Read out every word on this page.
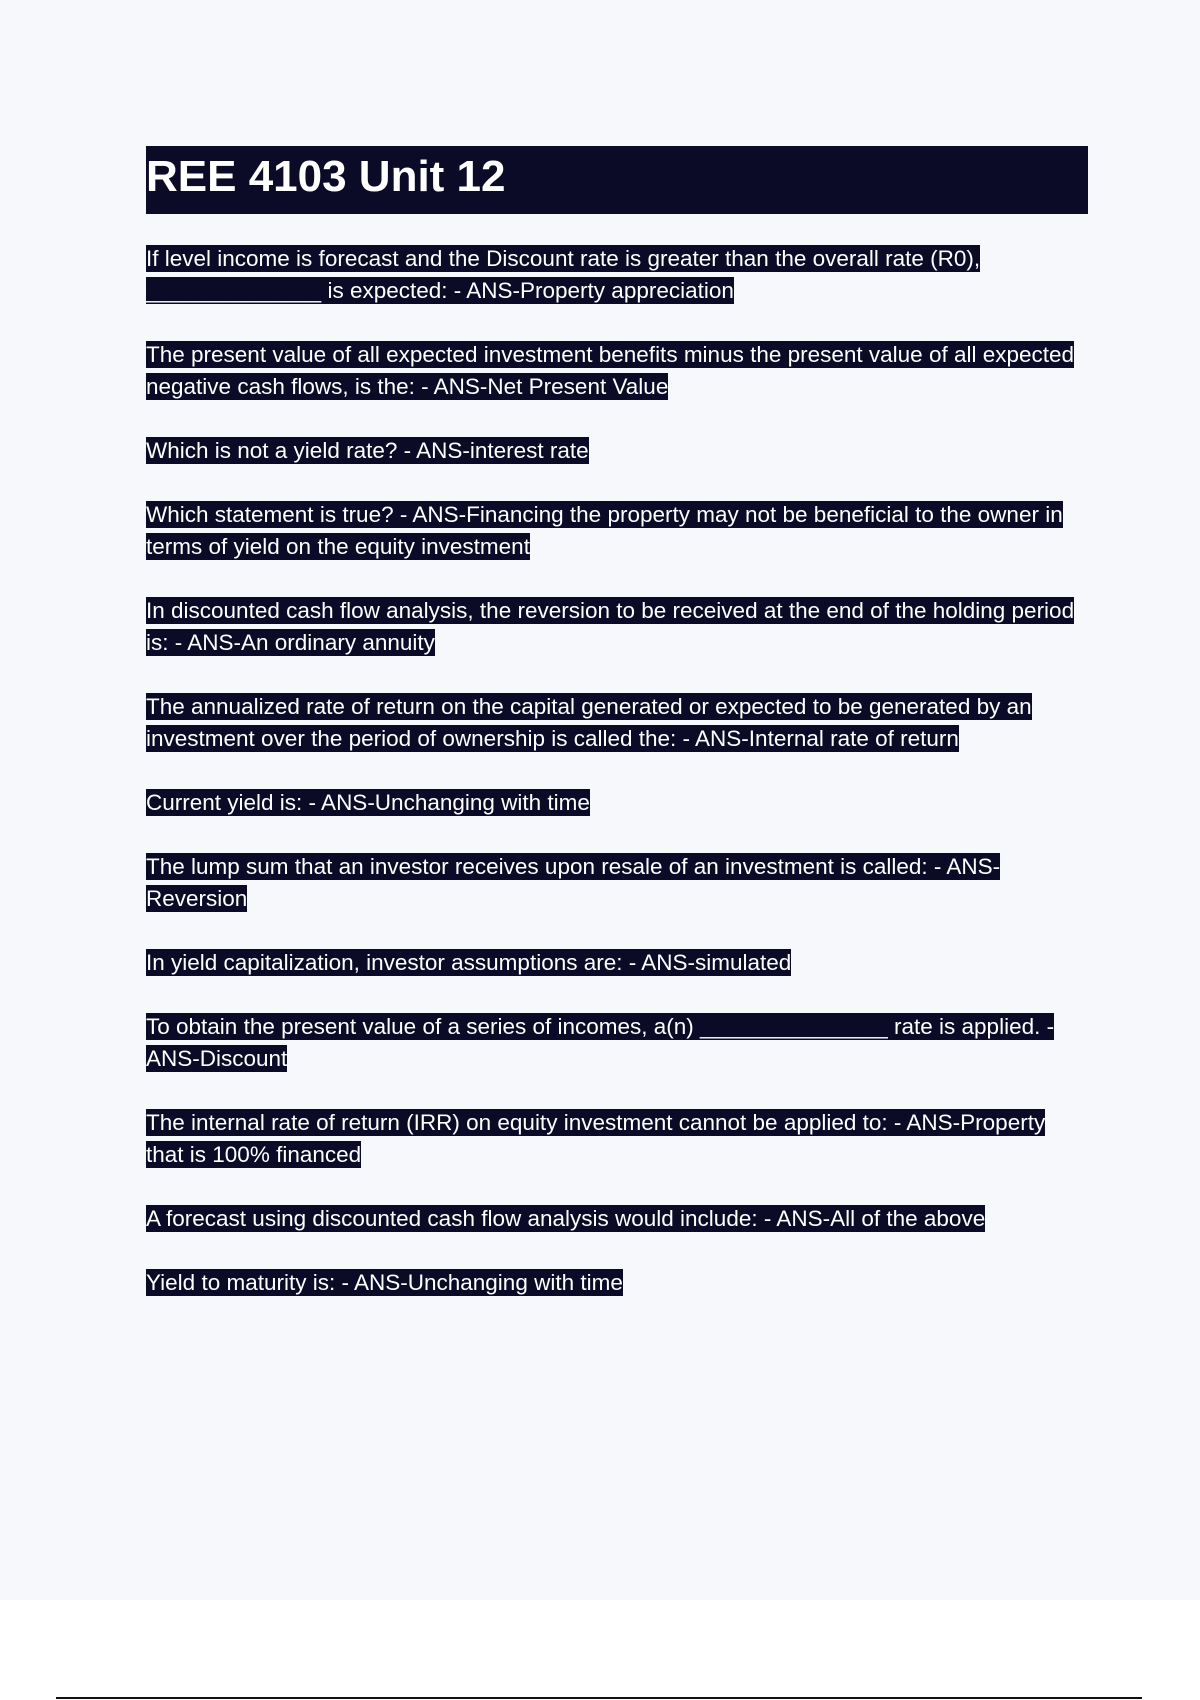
REE 4103 Unit 12

If level income is forecast and the Discount rate is greater than the overall rate (R0), ______________ is expected: - ANS-Property appreciation

The present value of all expected investment benefits minus the present value of all expected negative cash flows, is the: - ANS-Net Present Value

Which is not a yield rate? - ANS-interest rate

Which statement is true? - ANS-Financing the property may not be beneficial to the owner in terms of yield on the equity investment

In discounted cash flow analysis, the reversion to be received at the end of the holding period is: - ANS-An ordinary annuity

The annualized rate of return on the capital generated or expected to be generated by an investment over the period of ownership is called the: - ANS-Internal rate of return

Current yield is: - ANS-Unchanging with time

The lump sum that an investor receives upon resale of an investment is called: - ANS-Reversion

In yield capitalization, investor assumptions are: - ANS-simulated

To obtain the present value of a series of incomes, a(n) _______________ rate is applied. - ANS-Discount

The internal rate of return (IRR) on equity investment cannot be applied to: - ANS-Property that is 100% financed

A forecast using discounted cash flow analysis would include: - ANS-All of the above

Yield to maturity is: - ANS-Unchanging with time
